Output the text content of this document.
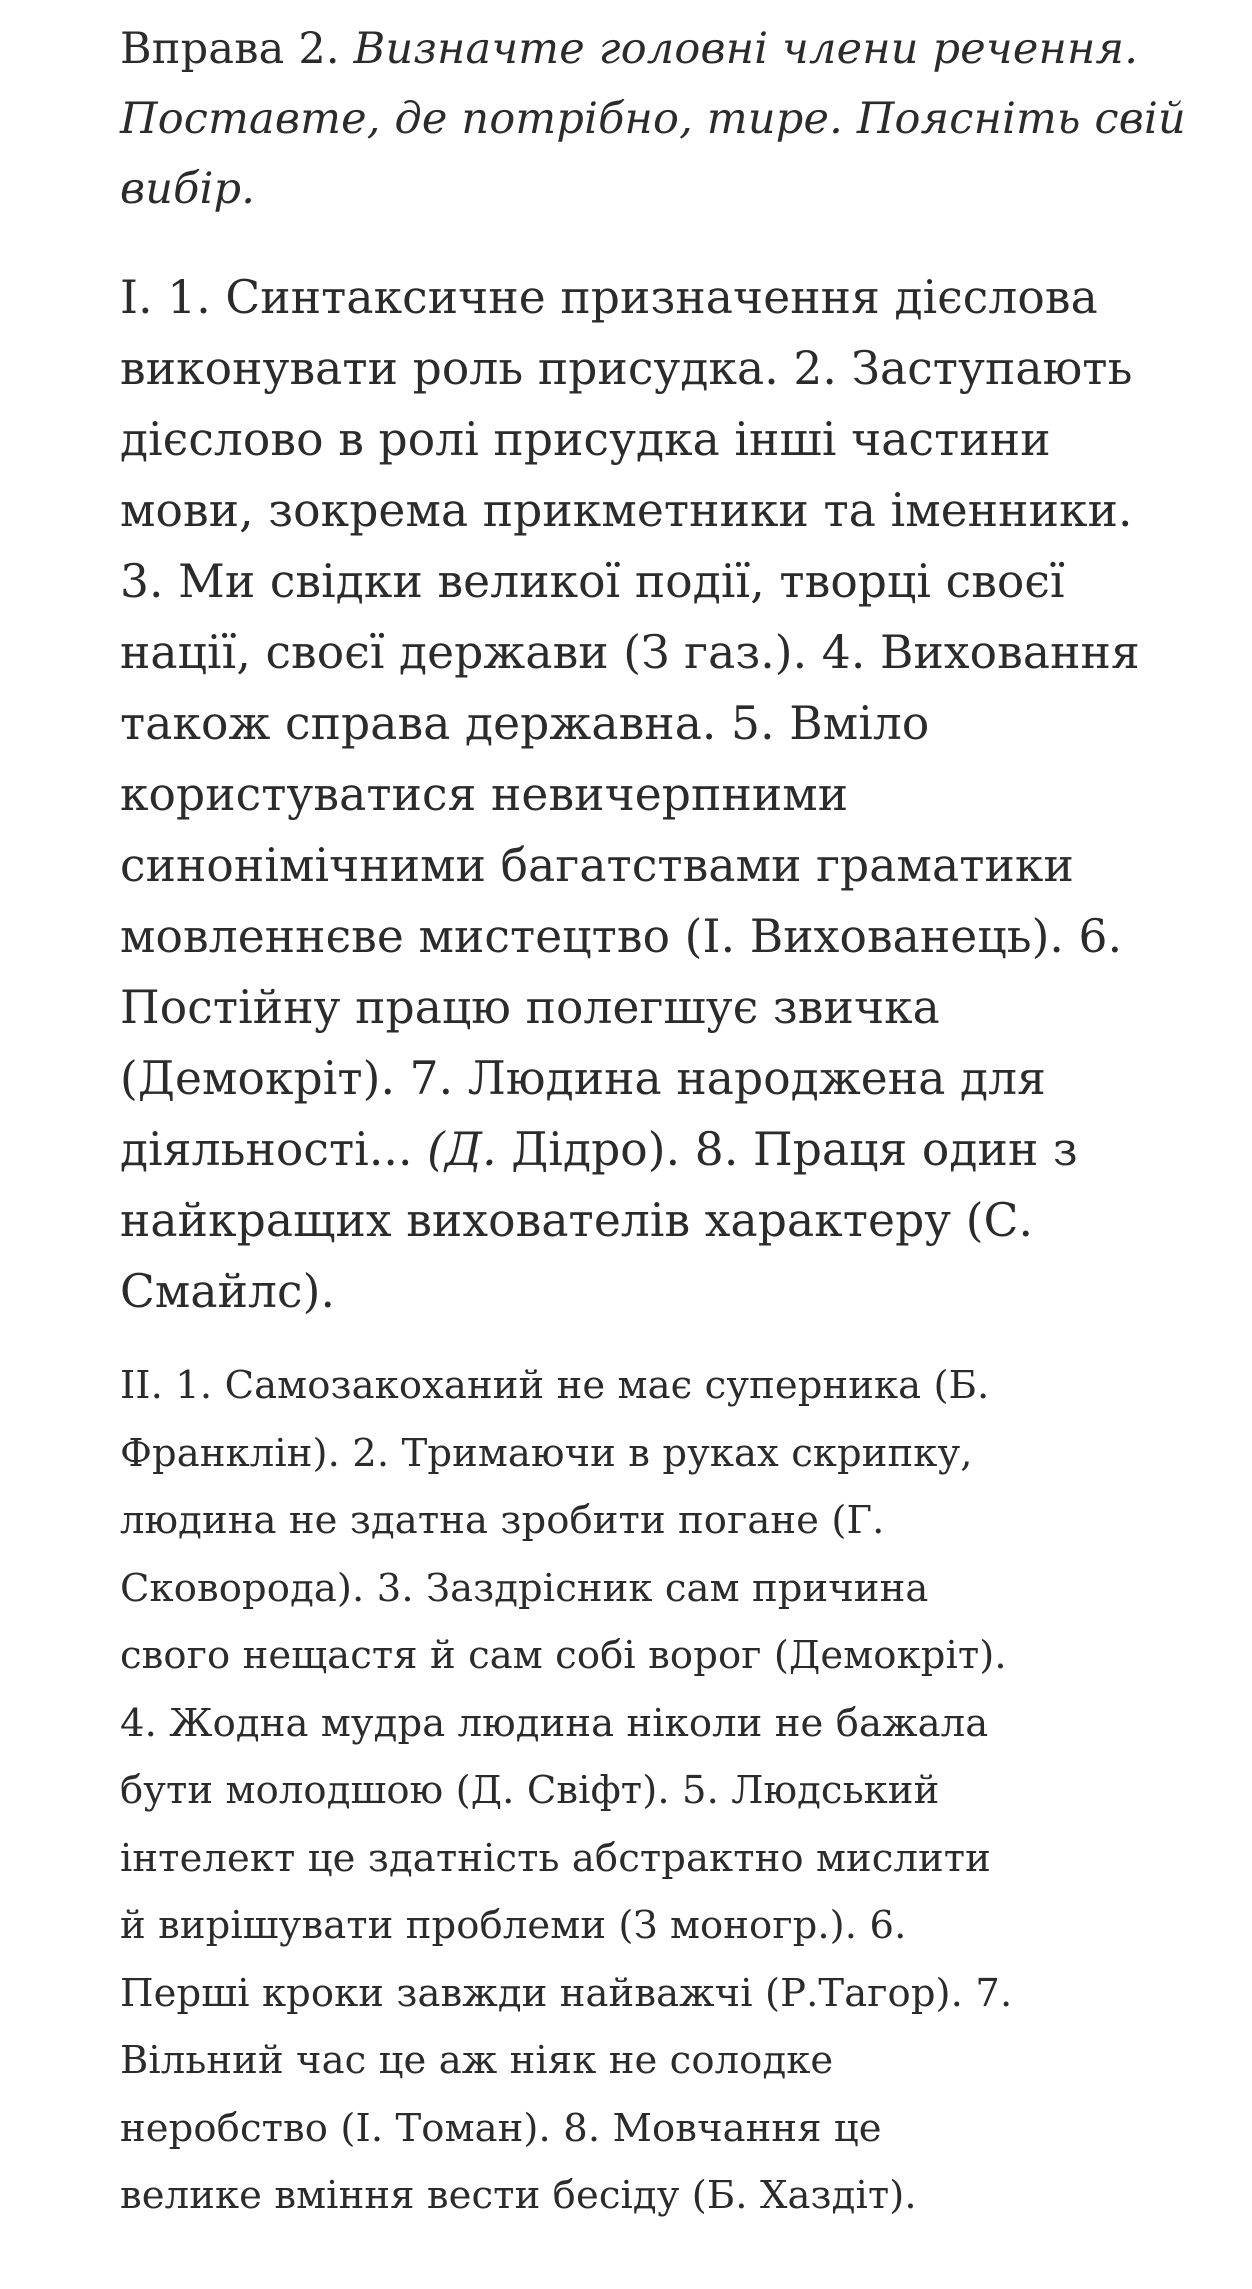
Вправа 2. Визначте головні члени речення. Поставте, де потрібно, тире. Поясніть свій вибір.

I. 1. Синтаксичне призначення дієслова
виконувати роль присудка. 2. Заступають
дієслово в ролі присудка інші частини
мови, зокрема прикметники та іменники.
3. Ми свідки великої події, творці своєї
нації, своєї держави (З газ.). 4. Виховання
також справа державна. 5. Вміло
користуватися невичерпними
синонімічними багатствами граматики
мовленнєве мистецтво (І. Вихованець). 6.
Постійну працю полегшує звичка
(Демокріт). 7. Людина народжена для
діяльності... (Д. Дідро). 8. Праця один з
найкращих вихователів характеру (С.
Смайлс).

II. 1. Самозакоханий не має суперника (Б.
Франклін). 2. Тримаючи в руках скрипку,
людина не здатна зробити погане (Г.
Сковорода). 3. Заздрісник сам причина
свого нещастя й сам собі ворог (Демокріт).
4. Жодна мудра людина ніколи не бажала
бути молодшою (Д. Свіфт). 5. Людський
інтелект це здатність абстрактно мислити
й вирішувати проблеми (З моногр.). 6.
Перші кроки завжди найважчі (Р.Тагор). 7.
Вільний час це аж ніяк не солодке
неробство (І. Томан). 8. Мовчання це
велике вміння вести бесіду (Б. Хаздіт).
